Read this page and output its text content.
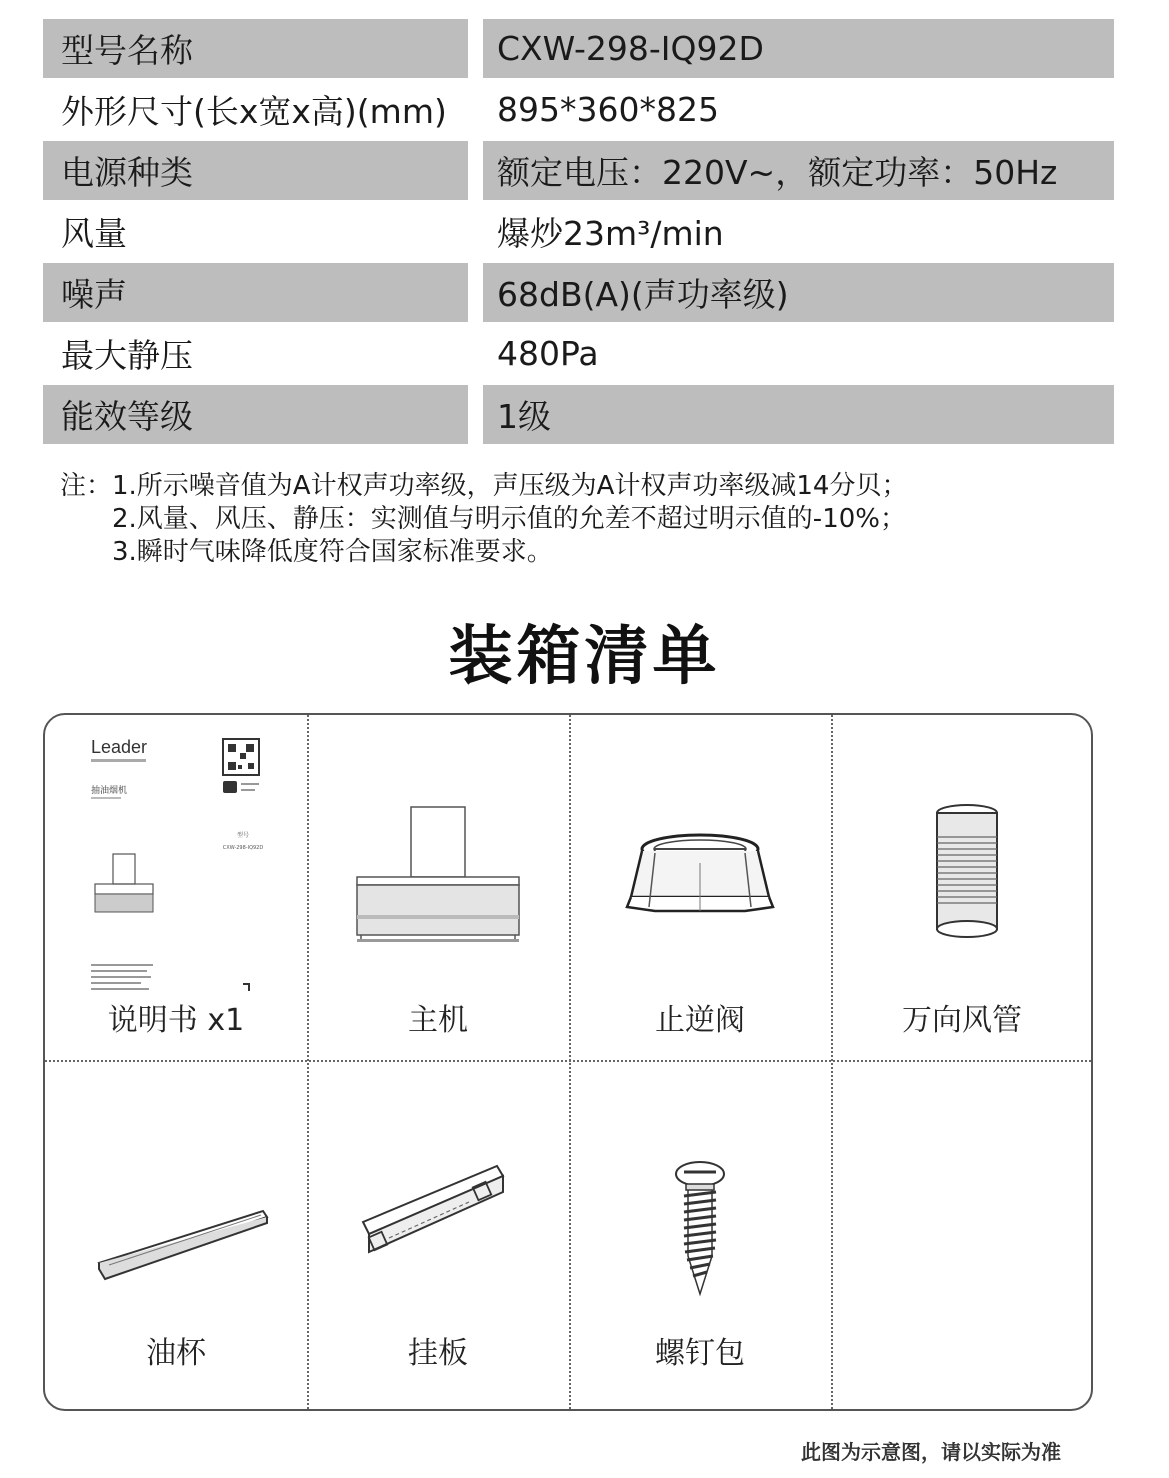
型号名称	CXW-298-IQ92D
外形尺寸(长x宽x高)(mm)	895*360*825
电源种类	额定电压：220V~，额定功率：50Hz
风量	爆炒23m³/min
噪声	68dB(A)(声功率级)
最大静压	480Pa
能效等级	1级
注： 1.所示噪音值为A计权声功率级，声压级为A计权声功率级减14分贝；
2.风量、风压、静压：实测值与明示值的允差不超过明示值的-10%；
3.瞬时气味降低度符合国家标准要求。
装箱清单
Leader
抽油烟机
型号
CXW-298-IQ92D
说明书 x1	主机	止逆阀	万向风管
油杯	挂板	螺钉包
此图为示意图，请以实际为准
